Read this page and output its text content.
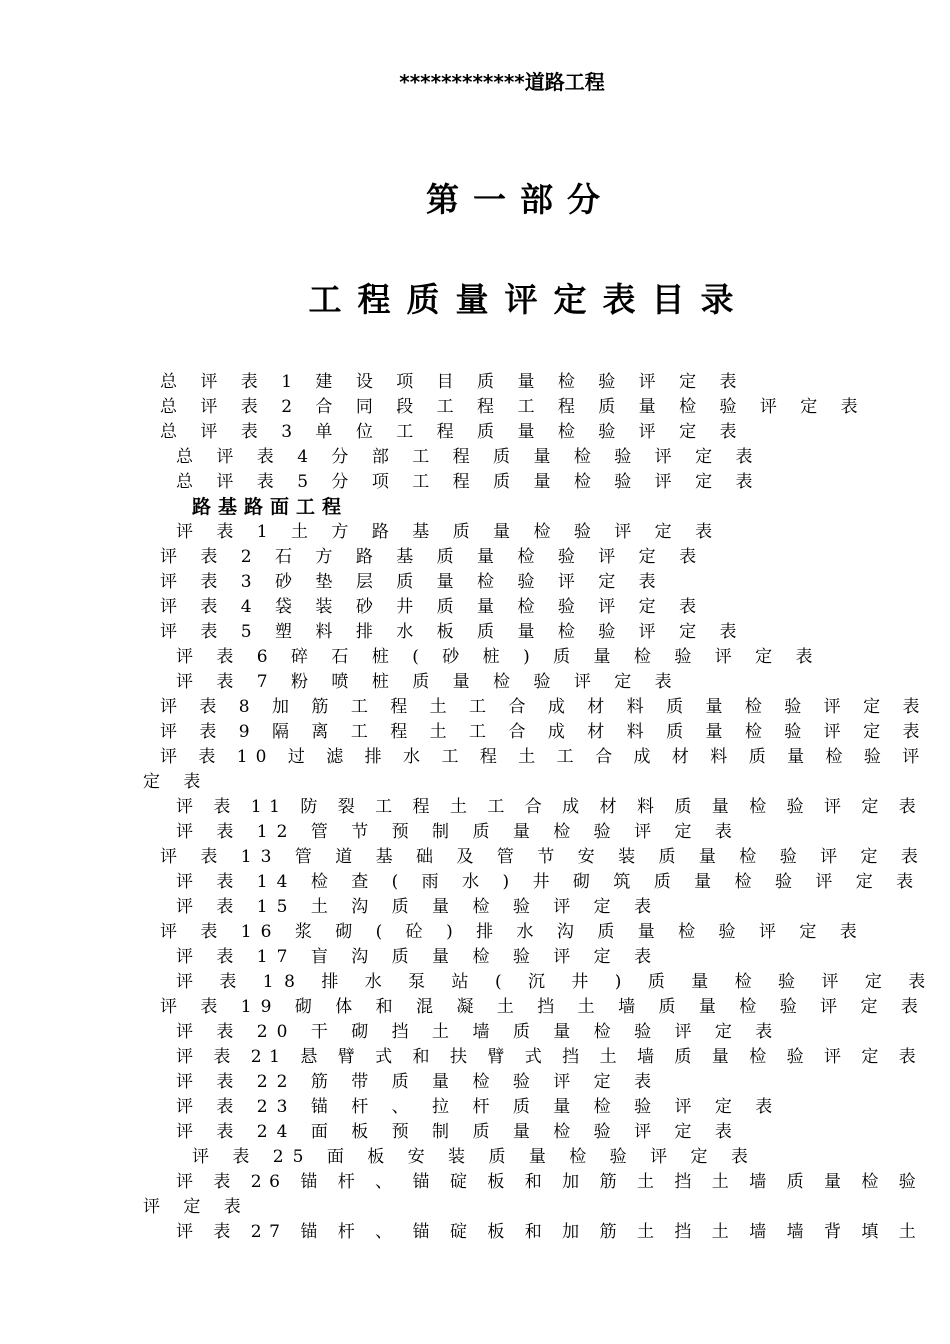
************道路工程
第一部分
工程质量评定表目录
总 评 表 1 建 设 项 目 质 量 检 验 评 定 表
总 评 表 2 合 同 段 工 程 工 程 质 量 检 验 评 定 表
总 评 表 3 单 位 工 程 质 量 检 验 评 定 表
总 评 表 4 分 部 工 程 质 量 检 验 评 定 表
总 评 表 5 分 项 工 程 质 量 检 验 评 定 表
路基路面工程
评 表 1 土 方 路 基 质 量 检 验 评 定 表
评 表 2 石 方 路 基 质 量 检 验 评 定 表
评 表 3 砂 垫 层 质 量 检 验 评 定 表
评 表 4 袋 装 砂 井 质 量 检 验 评 定 表
评 表 5 塑 料 排 水 板 质 量 检 验 评 定 表
评 表 6 碎 石 桩 ( 砂 桩 ) 质 量 检 验 评 定 表
评 表 7 粉 喷 桩 质 量 检 验 评 定 表
评 表 8 加 筋 工 程 土 工 合 成 材 料 质 量 检 验 评 定 表
评 表 9 隔 离 工 程 土 工 合 成 材 料 质 量 检 验 评 定 表
评 表 10 过 滤 排 水 工 程 土 工 合 成 材 料 质 量 检 验 评
定 表
评 表 11 防 裂 工 程 土 工 合 成 材 料 质 量 检 验 评 定 表
评 表 12 管 节 预 制 质 量 检 验 评 定 表
评 表 13 管 道 基 础 及 管 节 安 装 质 量 检 验 评 定 表
评 表 14 检 查 ( 雨 水 ) 井 砌 筑 质 量 检 验 评 定 表
评 表 15 土 沟 质 量 检 验 评 定 表
评 表 16 浆 砌 ( 砼 ) 排 水 沟 质 量 检 验 评 定 表
评 表 17 盲 沟 质 量 检 验 评 定 表
评 表 18 排 水 泵 站 ( 沉 井 ) 质 量 检 验 评 定 表
评 表 19 砌 体 和 混 凝 土 挡 土 墙 质 量 检 验 评 定 表
评 表 20 干 砌 挡 土 墙 质 量 检 验 评 定 表
评 表 21 悬 臂 式 和 扶 臂 式 挡 土 墙 质 量 检 验 评 定 表
评 表 22 筋 带 质 量 检 验 评 定 表
评 表 23 锚 杆 、 拉 杆 质 量 检 验 评 定 表
评 表 24 面 板 预 制 质 量 检 验 评 定 表
评 表 25 面 板 安 装 质 量 检 验 评 定 表
评 表 26 锚 杆 、 锚 碇 板 和 加 筋 土 挡 土 墙 质 量 检 验
评 定 表
评 表 27 锚 杆 、 锚 碇 板 和 加 筋 土 挡 土 墙 墙 背 填 土
